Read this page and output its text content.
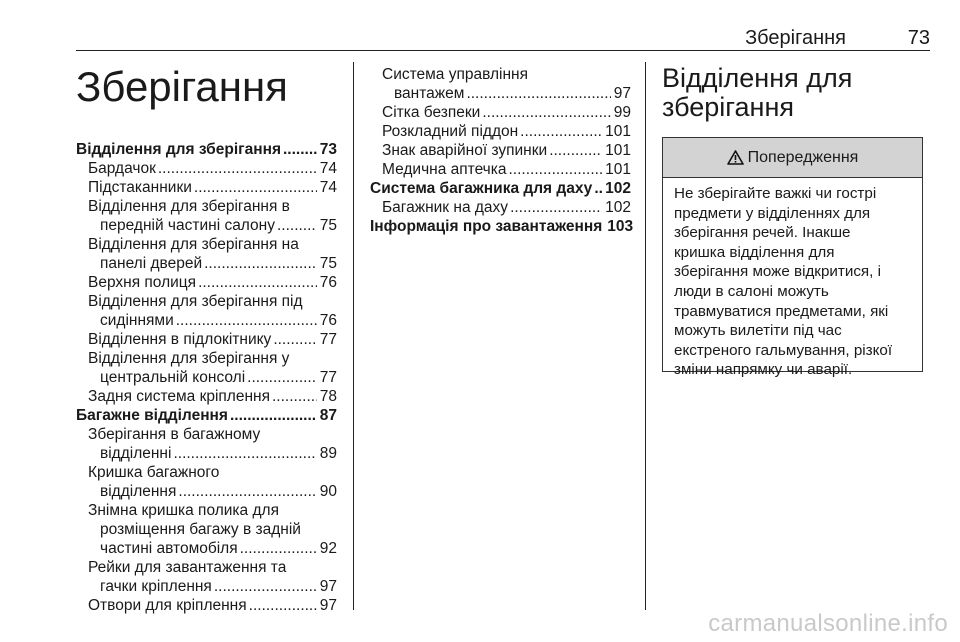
Зберігання	73
Зберігання
Відділення для зберігання .....	73
Бардачок .....	74
Підстаканники .....	74
Відділення для зберігання в
передній частині салону .....	75
Відділення для зберігання на
панелі дверей .....	75
Верхня полиця .....	76
Відділення для зберігання під
сидіннями .....	76
Відділення в підлокітнику .....	77
Відділення для зберігання у
центральній консолі .....	77
Задня система кріплення .....	78
Багажне відділення .....	87
Зберігання в багажному
відділенні .....	89
Кришка багажного
відділення .....	90
Знімна кришка полика для
розміщення багажу в задній
частині автомобіля .....	92
Рейки для завантаження та
гачки кріплення .....	97
Отвори для кріплення .....	97
Система управління
вантажем .....	97
Сітка безпеки .....	99
Розкладний піддон .....	101
Знак аварійної зупинки .....	101
Медична аптечка .....	101
Система багажника для даху ..... 102
Багажник на даху .....	102
Інформація про завантаження 103
Відділення для
зберігання
Попередження
Не зберігайте важкі чи гострі
предмети у відділеннях для
зберігання речей. Інакше
кришка відділення для
зберігання може відкритися, і
люди в салоні можуть
травмуватися предметами, які
можуть вилетіти під час
екстреного гальмування, різкої
зміни напрямку чи аварії.
carmanualsonline.info
